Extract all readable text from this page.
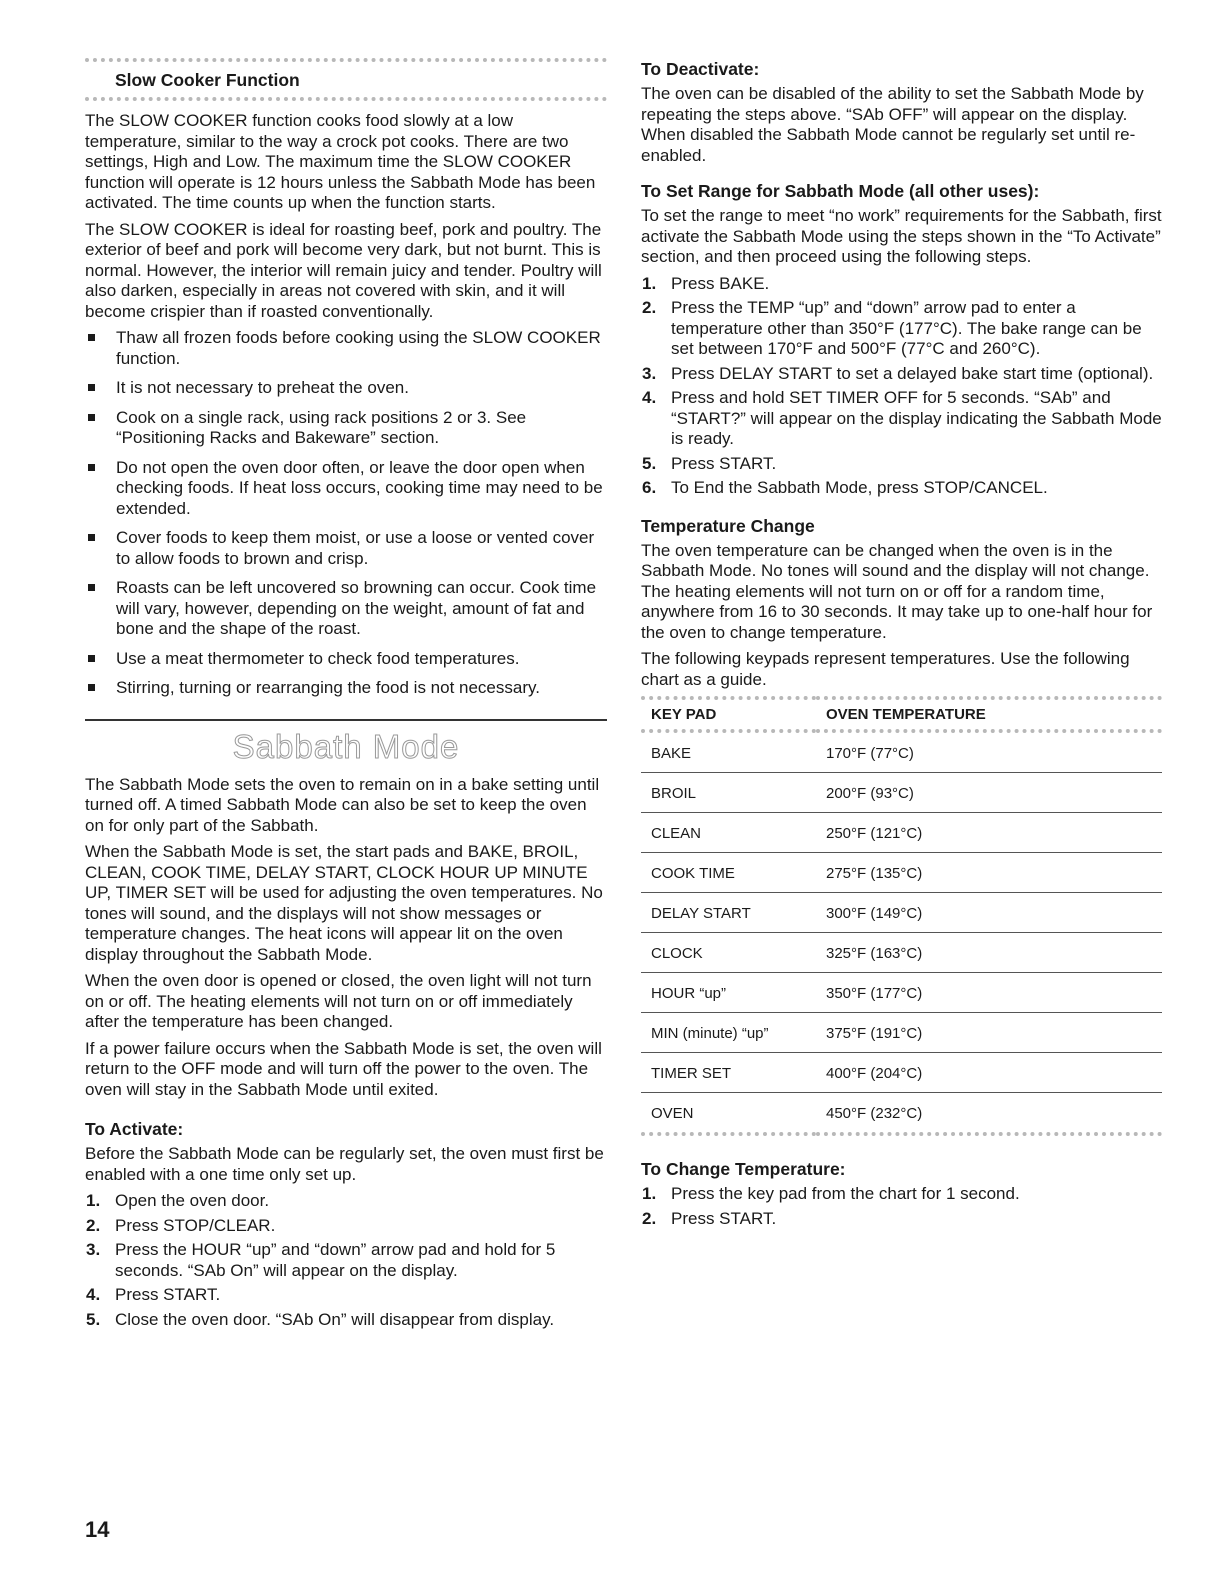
Slow Cooker Function

The SLOW COOKER function cooks food slowly at a low temperature, similar to the way a crock pot cooks. There are two settings, High and Low. The maximum time the SLOW COOKER function will operate is 12 hours unless the Sabbath Mode has been activated. The time counts up when the function starts.

The SLOW COOKER is ideal for roasting beef, pork and poultry. The exterior of beef and pork will become very dark, but not burnt. This is normal. However, the interior will remain juicy and tender. Poultry will also darken, especially in areas not covered with skin, and it will become crispier than if roasted conventionally.

Thaw all frozen foods before cooking using the SLOW COOKER function.
It is not necessary to preheat the oven.
Cook on a single rack, using rack positions 2 or 3. See “Positioning Racks and Bakeware” section.
Do not open the oven door often, or leave the door open when checking foods. If heat loss occurs, cooking time may need to be extended.
Cover foods to keep them moist, or use a loose or vented cover to allow foods to brown and crisp.
Roasts can be left uncovered so browning can occur. Cook time will vary, however, depending on the weight, amount of fat and bone and the shape of the roast.
Use a meat thermometer to check food temperatures.
Stirring, turning or rearranging the food is not necessary.
Sabbath Mode

The Sabbath Mode sets the oven to remain on in a bake setting until turned off. A timed Sabbath Mode can also be set to keep the oven on for only part of the Sabbath.

When the Sabbath Mode is set, the start pads and BAKE, BROIL, CLEAN, COOK TIME, DELAY START, CLOCK HOUR UP MINUTE UP, TIMER SET will be used for adjusting the oven temperatures. No tones will sound, and the displays will not show messages or temperature changes. The heat icons will appear lit on the oven display throughout the Sabbath Mode.

When the oven door is opened or closed, the oven light will not turn on or off. The heating elements will not turn on or off immediately after the temperature has been changed.

If a power failure occurs when the Sabbath Mode is set, the oven will return to the OFF mode and will turn off the power to the oven. The oven will stay in the Sabbath Mode until exited.

To Activate:

Before the Sabbath Mode can be regularly set, the oven must first be enabled with a one time only set up.

1. Open the oven door.
2. Press STOP/CLEAR.
3. Press the HOUR “up” and “down” arrow pad and hold for 5 seconds. “SAb On” will appear on the display.
4. Press START.
5. Close the oven door. “SAb On” will disappear from display.
To Deactivate:

The oven can be disabled of the ability to set the Sabbath Mode by repeating the steps above. “SAb OFF” will appear on the display. When disabled the Sabbath Mode cannot be regularly set until re-enabled.

To Set Range for Sabbath Mode (all other uses):

To set the range to meet “no work” requirements for the Sabbath, first activate the Sabbath Mode using the steps shown in the “To Activate” section, and then proceed using the following steps.

1. Press BAKE.
2. Press the TEMP “up” and “down” arrow pad to enter a temperature other than 350°F (177°C). The bake range can be set between 170°F and 500°F (77°C and 260°C).
3. Press DELAY START to set a delayed bake start time (optional).
4. Press and hold SET TIMER OFF for 5 seconds. “SAb” and “START?” will appear on the display indicating the Sabbath Mode is ready.
5. Press START.
6. To End the Sabbath Mode, press STOP/CANCEL.
Temperature Change

The oven temperature can be changed when the oven is in the Sabbath Mode. No tones will sound and the display will not change. The heating elements will not turn on or off for a random time, anywhere from 16 to 30 seconds. It may take up to one-half hour for the oven to change temperature.

The following keypads represent temperatures. Use the following chart as a guide.

KEY PAD	OVEN TEMPERATURE
BAKE	170°F (77°C)
BROIL	200°F (93°C)
CLEAN	250°F (121°C)
COOK TIME	275°F (135°C)
DELAY START	300°F (149°C)
CLOCK	325°F (163°C)
HOUR “up”	350°F (177°C)
MIN (minute) “up”	375°F (191°C)
TIMER SET	400°F (204°C)
OVEN	450°F (232°C)
To Change Temperature:
1. Press the key pad from the chart for 1 second.
2. Press START.
14
